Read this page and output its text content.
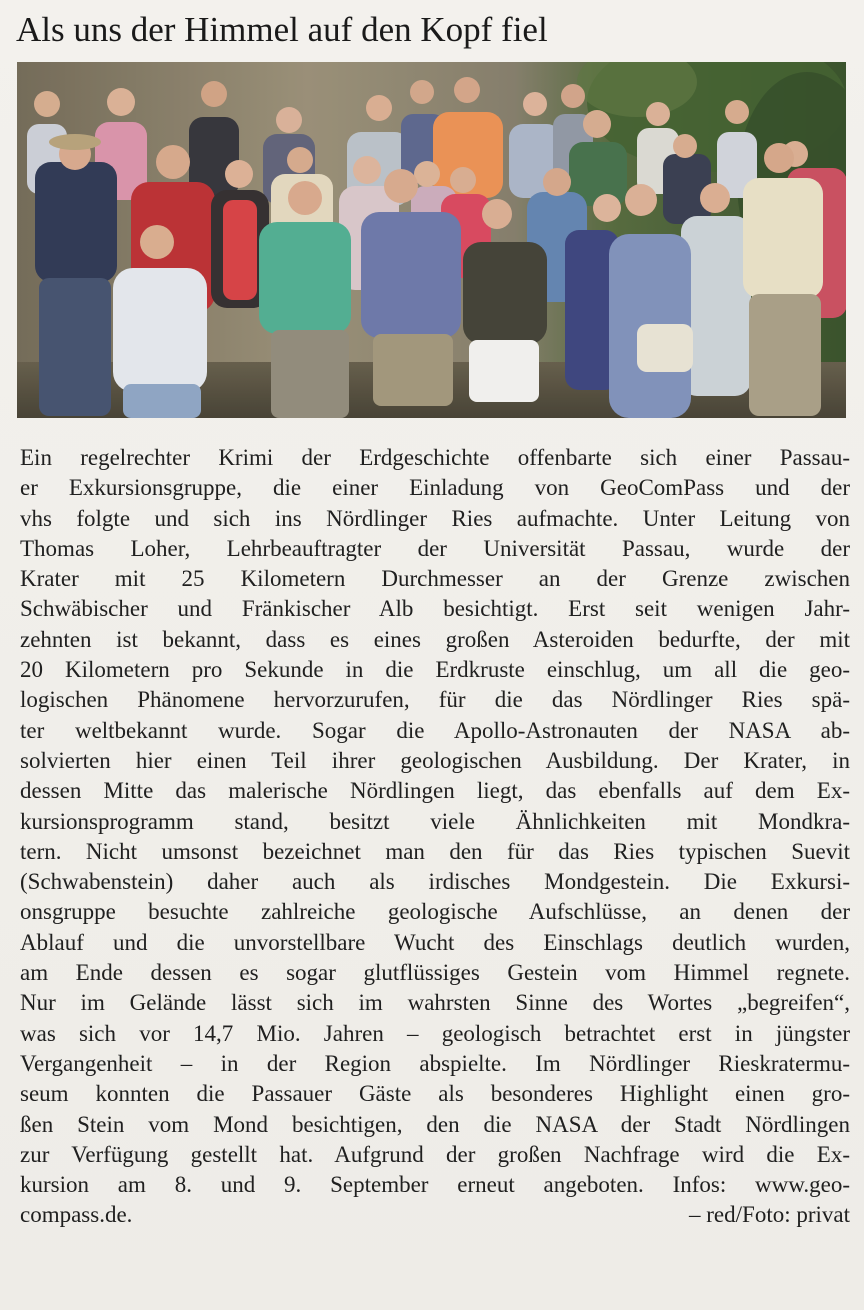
Als uns der Himmel auf den Kopf fiel
Ein regelrechter Krimi der Erdgeschichte offenbarte sich einer Passau-
er Exkursionsgruppe, die einer Einladung von GeoComPass und der
vhs folgte und sich ins Nördlinger Ries aufmachte. Unter Leitung von
Thomas Loher, Lehrbeauftragter der Universität Passau, wurde der
Krater mit 25 Kilometern Durchmesser an der Grenze zwischen
Schwäbischer und Fränkischer Alb besichtigt. Erst seit wenigen Jahr-
zehnten ist bekannt, dass es eines großen Asteroiden bedurfte, der mit
20 Kilometern pro Sekunde in die Erdkruste einschlug, um all die geo-
logischen Phänomene hervorzurufen, für die das Nördlinger Ries spä-
ter weltbekannt wurde. Sogar die Apollo-Astronauten der NASA ab-
solvierten hier einen Teil ihrer geologischen Ausbildung. Der Krater, in
dessen Mitte das malerische Nördlingen liegt, das ebenfalls auf dem Ex-
kursionsprogramm stand, besitzt viele Ähnlichkeiten mit Mondkra-
tern. Nicht umsonst bezeichnet man den für das Ries typischen Suevit
(Schwabenstein) daher auch als irdisches Mondgestein. Die Exkursi-
onsgruppe besuchte zahlreiche geologische Aufschlüsse, an denen der
Ablauf und die unvorstellbare Wucht des Einschlags deutlich wurden,
am Ende dessen es sogar glutflüssiges Gestein vom Himmel regnete.
Nur im Gelände lässt sich im wahrsten Sinne des Wortes „begreifen“,
was sich vor 14,7 Mio. Jahren – geologisch betrachtet erst in jüngster
Vergangenheit – in der Region abspielte. Im Nördlinger Rieskratermu-
seum konnten die Passauer Gäste als besonderes Highlight einen gro-
ßen Stein vom Mond besichtigen, den die NASA der Stadt Nördlingen
zur Verfügung gestellt hat. Aufgrund der großen Nachfrage wird die Ex-
kursion am 8. und 9. September erneut angeboten. Infos: www.geo-
compass.de.	– red/Foto: privat
